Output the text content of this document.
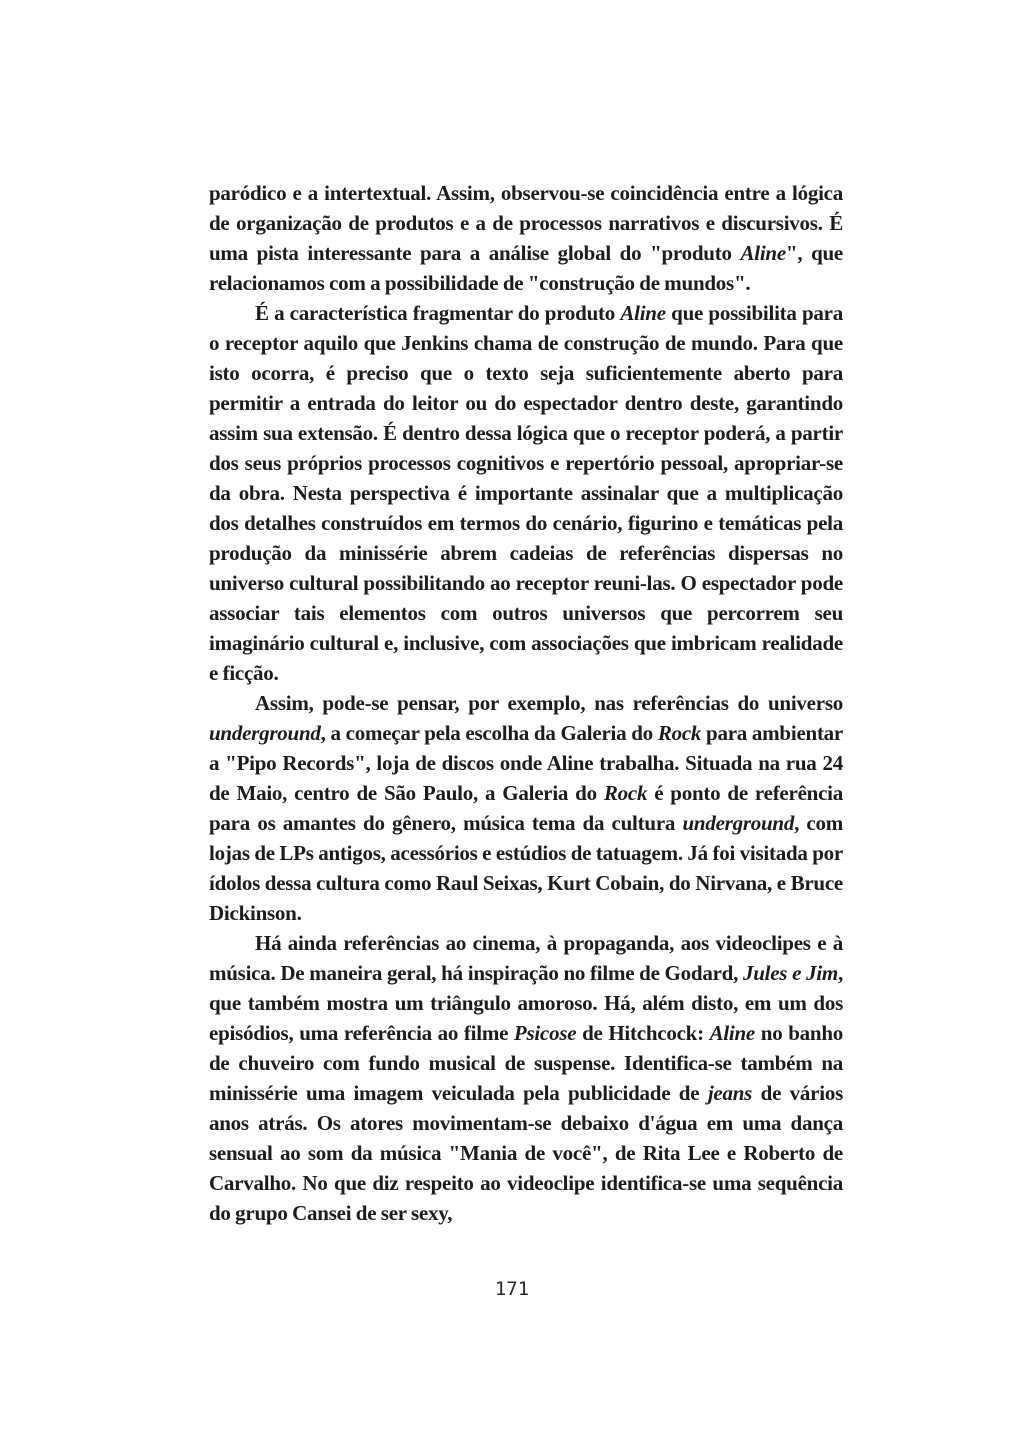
paródico e a intertextual. Assim, observou-se coincidência entre a lógica de organização de produtos e a de processos narrativos e discursivos. É uma pista interessante para a análise global do "produto Aline", que relacionamos com a possibilidade de "construção de mundos".

É a característica fragmentar do produto Aline que possibilita para o receptor aquilo que Jenkins chama de construção de mundo. Para que isto ocorra, é preciso que o texto seja suficientemente aberto para permitir a entrada do leitor ou do espectador dentro deste, garantindo assim sua extensão. É dentro dessa lógica que o receptor poderá, a partir dos seus próprios processos cognitivos e repertório pessoal, apropriar-se da obra. Nesta perspectiva é importante assinalar que a multiplicação dos detalhes construídos em termos do cenário, figurino e temáticas pela produção da minissérie abrem cadeias de referências dispersas no universo cultural possibilitando ao receptor reuni-las. O espectador pode associar tais elementos com outros universos que percorrem seu imaginário cultural e, inclusive, com associações que imbricam realidade e ficção.

Assim, pode-se pensar, por exemplo, nas referências do universo underground, a começar pela escolha da Galeria do Rock para ambientar a "Pipo Records", loja de discos onde Aline trabalha. Situada na rua 24 de Maio, centro de São Paulo, a Galeria do Rock é ponto de referência para os amantes do gênero, música tema da cultura underground, com lojas de LPs antigos, acessórios e estúdios de tatuagem. Já foi visitada por ídolos dessa cultura como Raul Seixas, Kurt Cobain, do Nirvana, e Bruce Dickinson.

Há ainda referências ao cinema, à propaganda, aos videoclipes e à música. De maneira geral, há inspiração no filme de Godard, Jules e Jim, que também mostra um triângulo amoroso. Há, além disto, em um dos episódios, uma referência ao filme Psicose de Hitchcock: Aline no banho de chuveiro com fundo musical de suspense. Identifica-se também na minissérie uma imagem veiculada pela publicidade de jeans de vários anos atrás. Os atores movimentam-se debaixo d'água em uma dança sensual ao som da música "Mania de você", de Rita Lee e Roberto de Carvalho. No que diz respeito ao videoclipe identifica-se uma sequência do grupo Cansei de ser sexy,

171
